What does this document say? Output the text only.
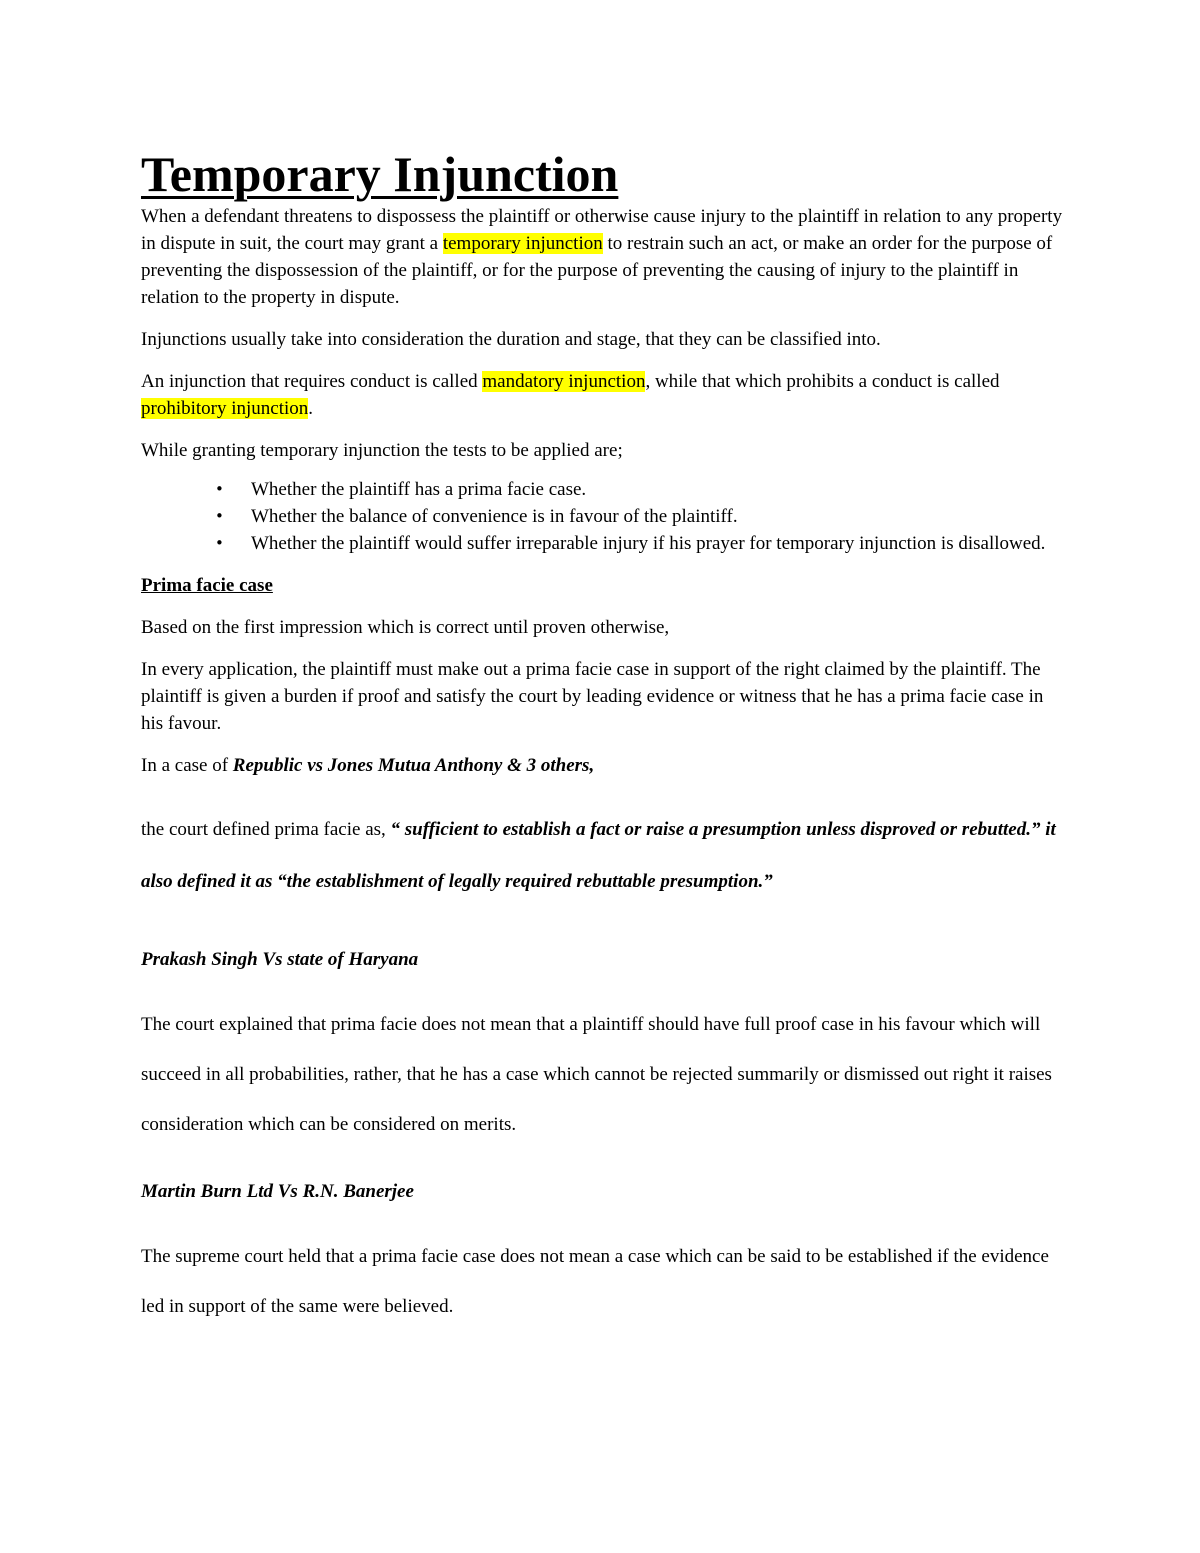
Temporary Injunction

When a defendant threatens to dispossess the plaintiff or otherwise cause injury to the plaintiff in relation to any property in dispute in suit, the court may grant a temporary injunction to restrain such an act, or make an order for the purpose of preventing the dispossession of the plaintiff, or for the purpose of preventing the causing of injury to the plaintiff in relation to the property in dispute.

Injunctions usually take into consideration the duration and stage, that they can be classified into.

An injunction that requires conduct is called mandatory injunction, while that which prohibits a conduct is called prohibitory injunction.

While granting temporary injunction the tests to be applied are;

• Whether the plaintiff has a prima facie case.
• Whether the balance of convenience is in favour of the plaintiff.
• Whether the plaintiff would suffer irreparable injury if his prayer for temporary injunction is disallowed.

Prima facie case

Based on the first impression which is correct until proven otherwise,

In every application, the plaintiff must make out a prima facie case in support of the right claimed by the plaintiff. The plaintiff is given a burden if proof and satisfy the court by leading evidence or witness that he has a prima facie case in his favour.

In a case of Republic vs Jones Mutua Anthony & 3 others,

the court defined prima facie as, “ sufficient to establish a fact or raise a presumption unless disproved or rebutted.” it also defined it as “the establishment of legally required rebuttable presumption.”

Prakash Singh Vs state of Haryana

The court explained that prima facie does not mean that a plaintiff should have full proof case in his favour which will succeed in all probabilities, rather, that he has a case which cannot be rejected summarily or dismissed out right it raises consideration which can be considered on merits.

Martin Burn Ltd Vs R.N. Banerjee

The supreme court held that a prima facie case does not mean a case which can be said to be established if the evidence led in support of the same were believed.
